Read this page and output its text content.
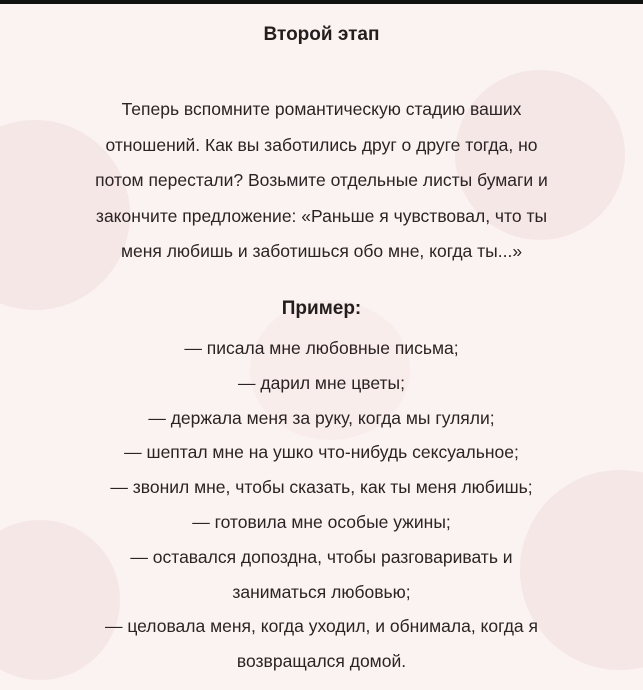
Второй этап
Теперь вспомните романтическую стадию ваших
отношений. Как вы заботились друг о друге тогда, но
потом перестали? Возьмите отдельные листы бумаги и
закончите предложение: «Раньше я чувствовал, что ты
меня любишь и заботишься обо мне, когда ты...»
Пример:
— писала мне любовные письма;
— дарил мне цветы;
— держала меня за руку, когда мы гуляли;
— шептал мне на ушко что-нибудь сексуальное;
— звонил мне, чтобы сказать, как ты меня любишь;
— готовила мне особые ужины;
— оставался допоздна, чтобы разговаривать и
заниматься любовью;
— целовала меня, когда уходил, и обнимала, когда я
возвращался домой.
